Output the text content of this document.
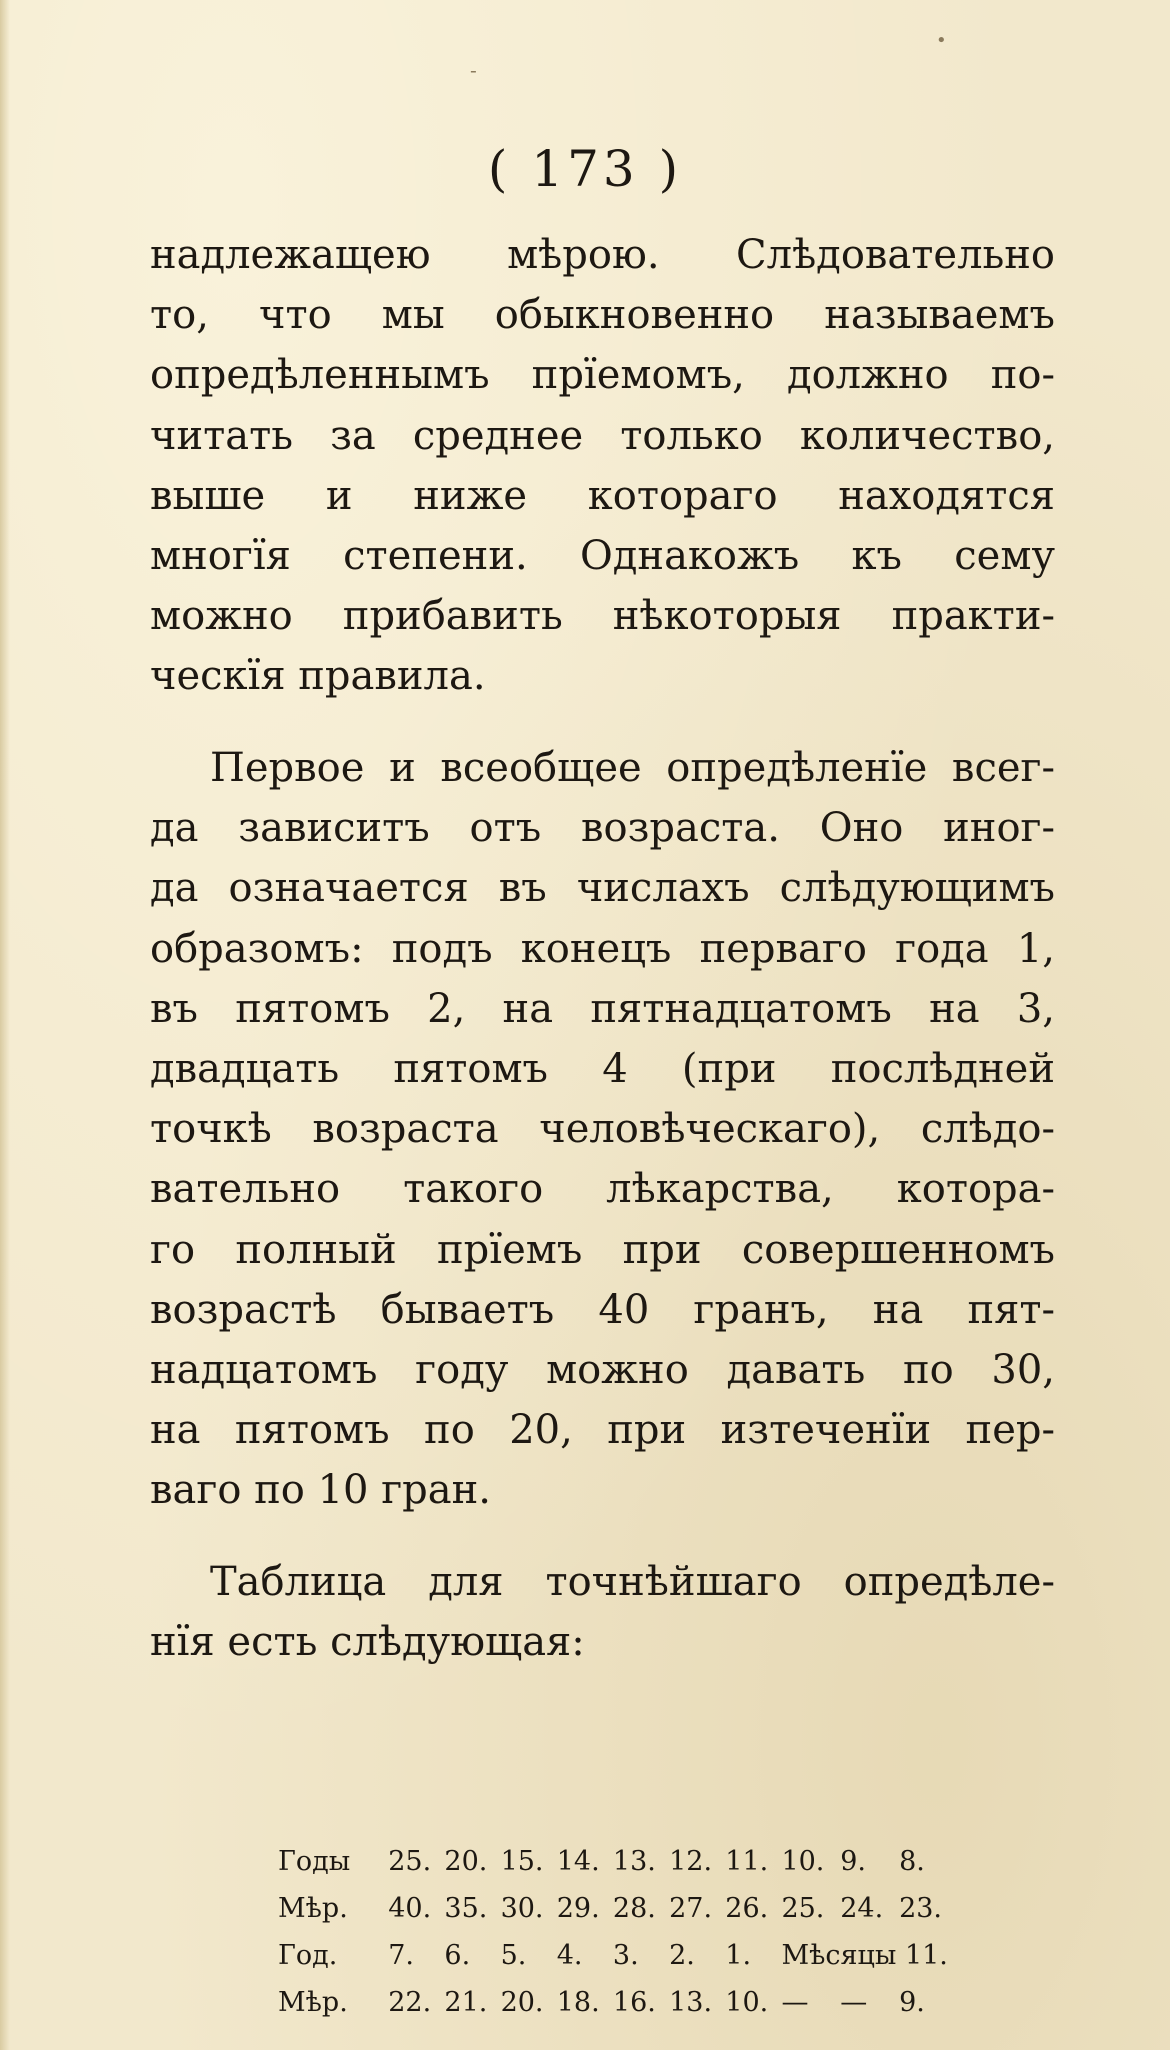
( 173 )
надлежащею мѣрою. Слѣдовательно
то, что мы обыкновенно называемъ
опредѣленнымъ прїемомъ, должно по-
читать за среднее только количество,
выше и ниже котораго находятся
многїя степени. Однакожъ къ сему
можно прибавить нѣкоторыя практи-
ческїя правила.
Первое и всеобщее опредѣленїе всег-
да зависитъ отъ возраста. Оно иног-
да означается въ числахъ слѣдующимъ
образомъ: подъ конецъ перваго года 1,
въ пятомъ 2, на пятнадцатомъ на 3,
двадцать пятомъ 4 (при послѣдней
точкѣ возраста человѣческаго), слѣдо-
вательно такого лѣкарства, котора-
го полный прїемъ при совершенномъ
возрастѣ бываетъ 40 гранъ, на пят-
надцатомъ году можно давать по 30,
на пятомъ по 20, при изтеченїи пер-
ваго по 10 гран.
Таблица для точнѣйшаго опредѣле-
нїя есть слѣдующая:
Годы	25.	20.	15.	14.	13.	12.	11.	10.	9.	8.
Мѣр.	40.	35.	30.	29.	28.	27.	26.	25.	24.	23.
Год.	7.	6.	5.	4.	3.	2.	1.	Мѣсяцы 11.		
Мѣр.	22.	21.	20.	18.	16.	13.	10.	—	—	9.
-
•
